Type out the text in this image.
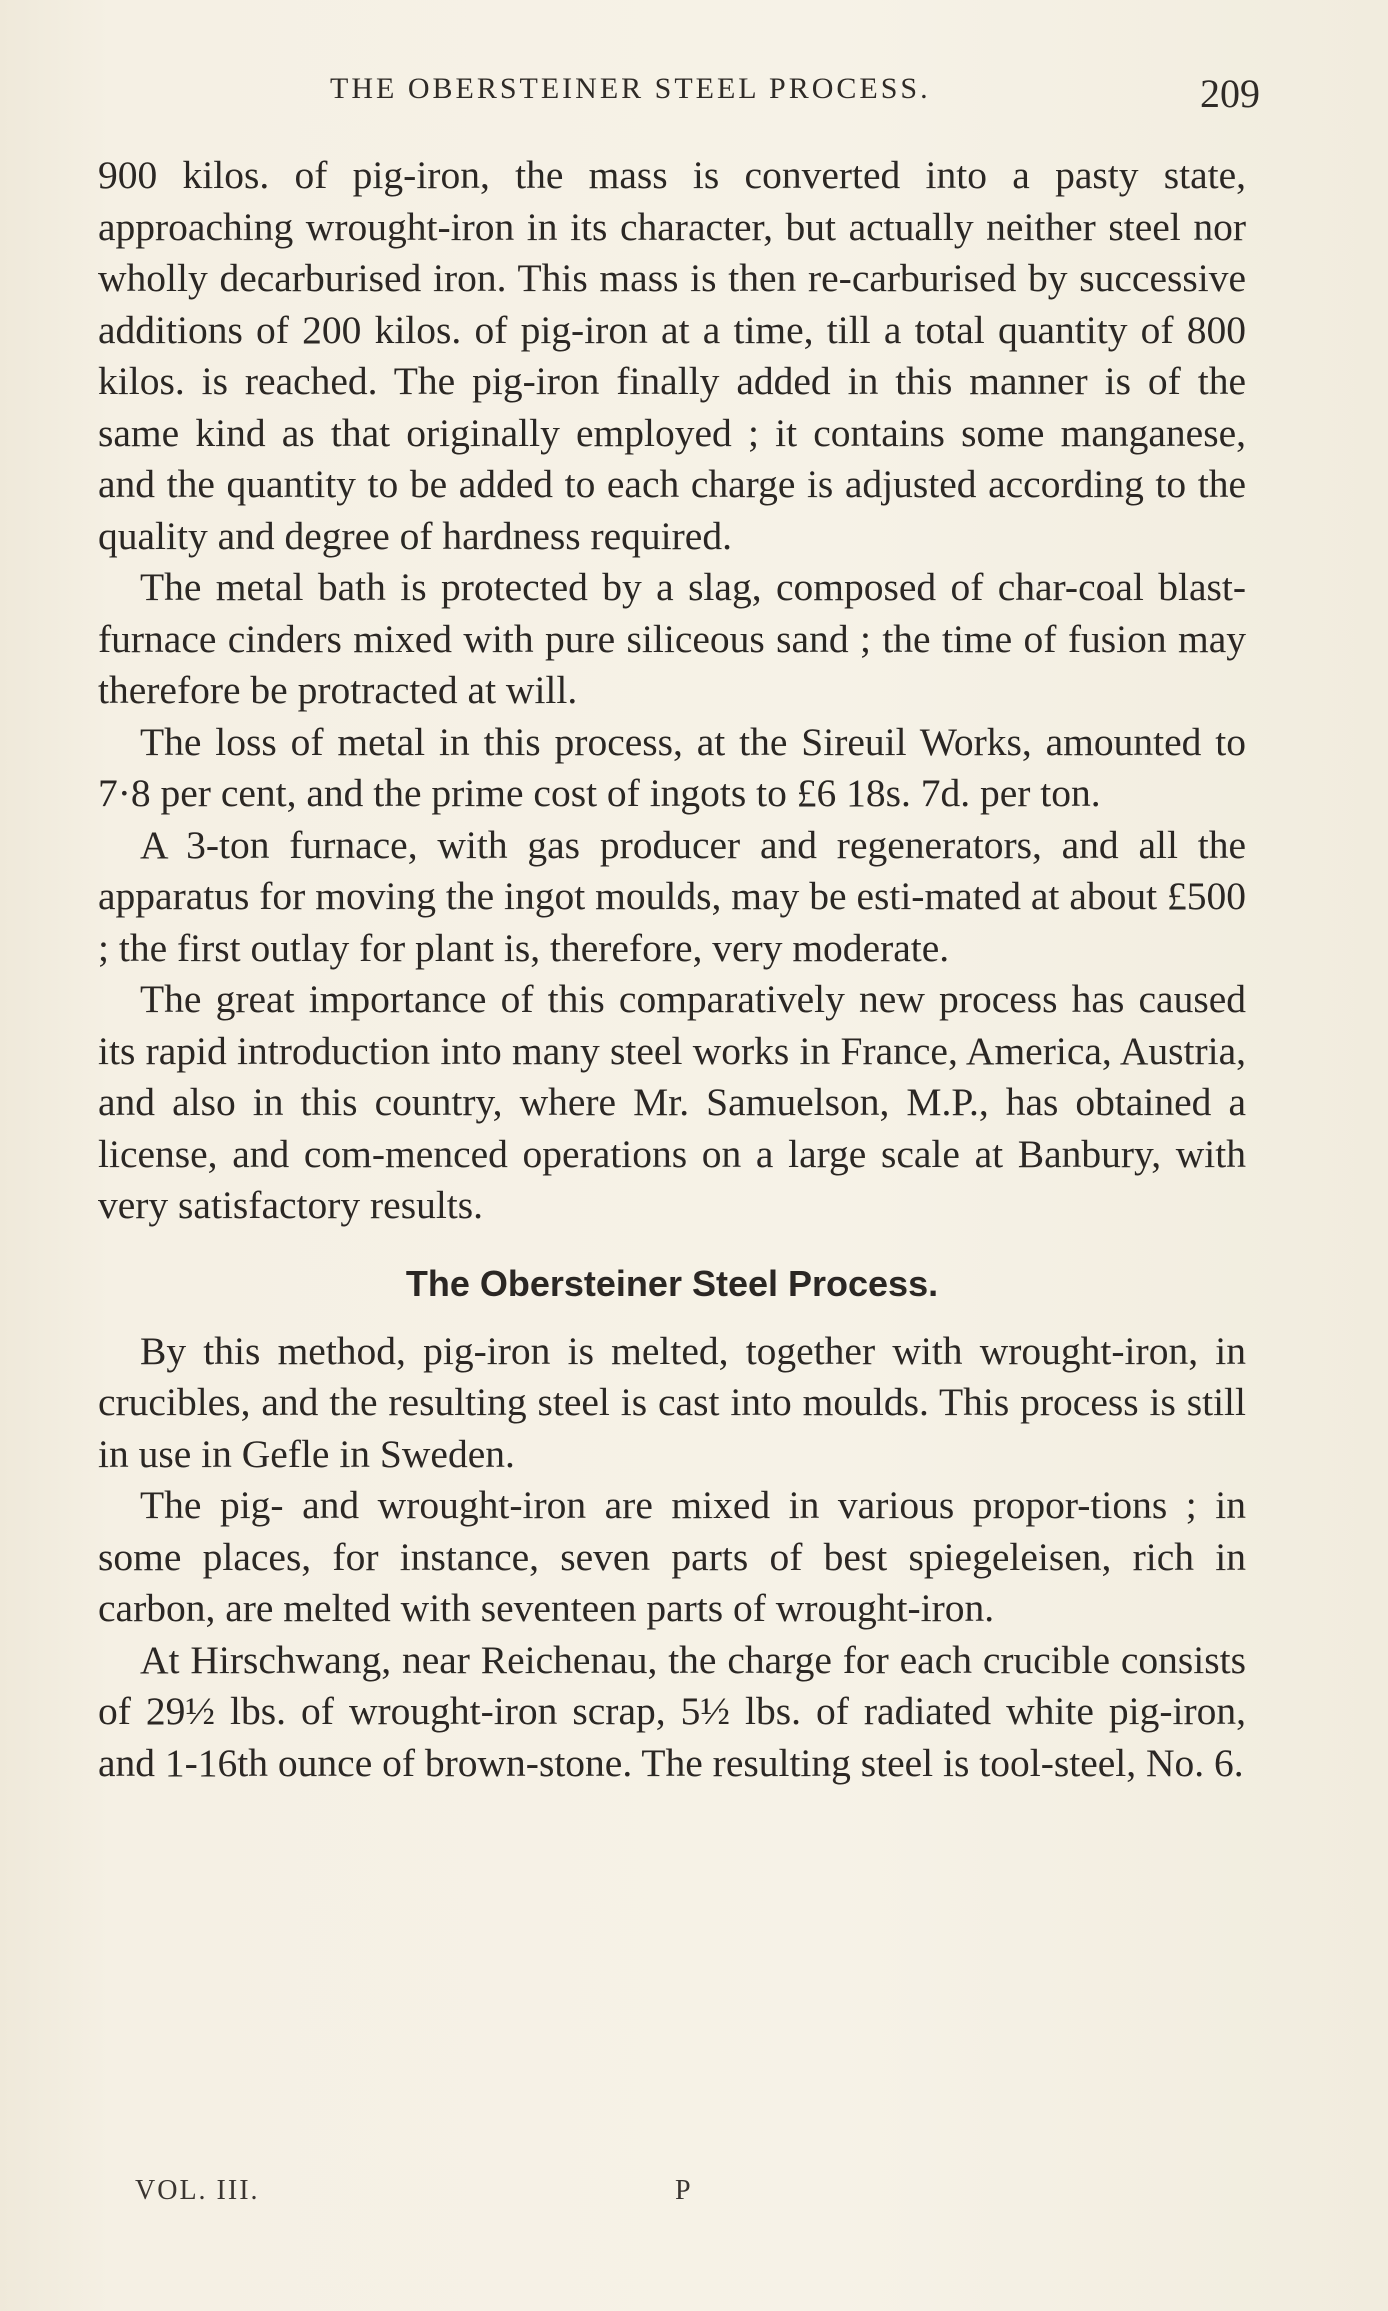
THE OBERSTEINER STEEL PROCESS.	209

900 kilos. of pig-iron, the mass is converted into a pasty state, approaching wrought-iron in its character, but actually neither steel nor wholly decarburised iron. This mass is then re-carburised by successive additions of 200 kilos. of pig-iron at a time, till a total quantity of 800 kilos. is reached. The pig-iron finally added in this manner is of the same kind as that originally employed ; it contains some manganese, and the quantity to be added to each charge is adjusted according to the quality and degree of hardness required.

The metal bath is protected by a slag, composed of char-coal blast-furnace cinders mixed with pure siliceous sand ; the time of fusion may therefore be protracted at will.

The loss of metal in this process, at the Sireuil Works, amounted to 7·8 per cent, and the prime cost of ingots to £6 18s. 7d. per ton.

A 3-ton furnace, with gas producer and regenerators, and all the apparatus for moving the ingot moulds, may be esti-mated at about £500 ; the first outlay for plant is, therefore, very moderate.

The great importance of this comparatively new process has caused its rapid introduction into many steel works in France, America, Austria, and also in this country, where Mr. Samuelson, M.P., has obtained a license, and com-menced operations on a large scale at Banbury, with very satisfactory results.

The Obersteiner Steel Process.

By this method, pig-iron is melted, together with wrought-iron, in crucibles, and the resulting steel is cast into moulds. This process is still in use in Gefle in Sweden.

The pig- and wrought-iron are mixed in various propor-tions ; in some places, for instance, seven parts of best spiegeleisen, rich in carbon, are melted with seventeen parts of wrought-iron.

At Hirschwang, near Reichenau, the charge for each crucible consists of 29½ lbs. of wrought-iron scrap, 5½ lbs. of radiated white pig-iron, and 1-16th ounce of brown-stone. The resulting steel is tool-steel, No. 6.

VOL. III.	P
